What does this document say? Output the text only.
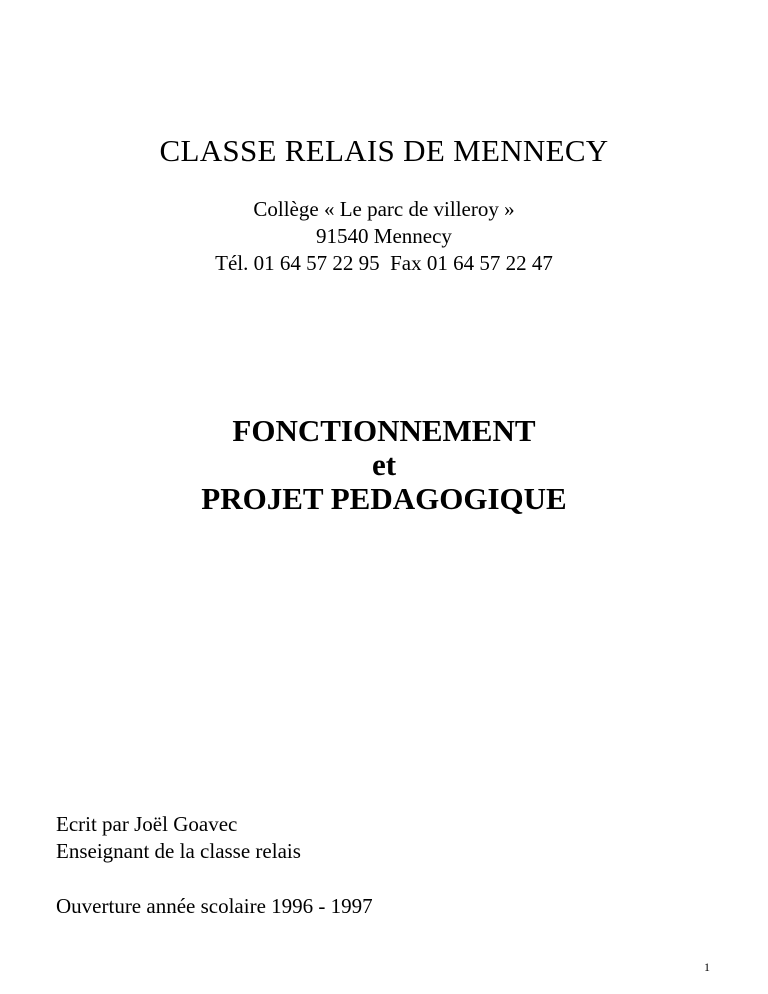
CLASSE RELAIS DE MENNECY
Collège « Le parc de villeroy »
91540 Mennecy
Tél. 01 64 57 22 95  Fax 01 64 57 22 47
FONCTIONNEMENT
et
PROJET PEDAGOGIQUE
Ecrit par Joël Goavec
Enseignant de la classe relais
Ouverture année scolaire 1996 - 1997
1
